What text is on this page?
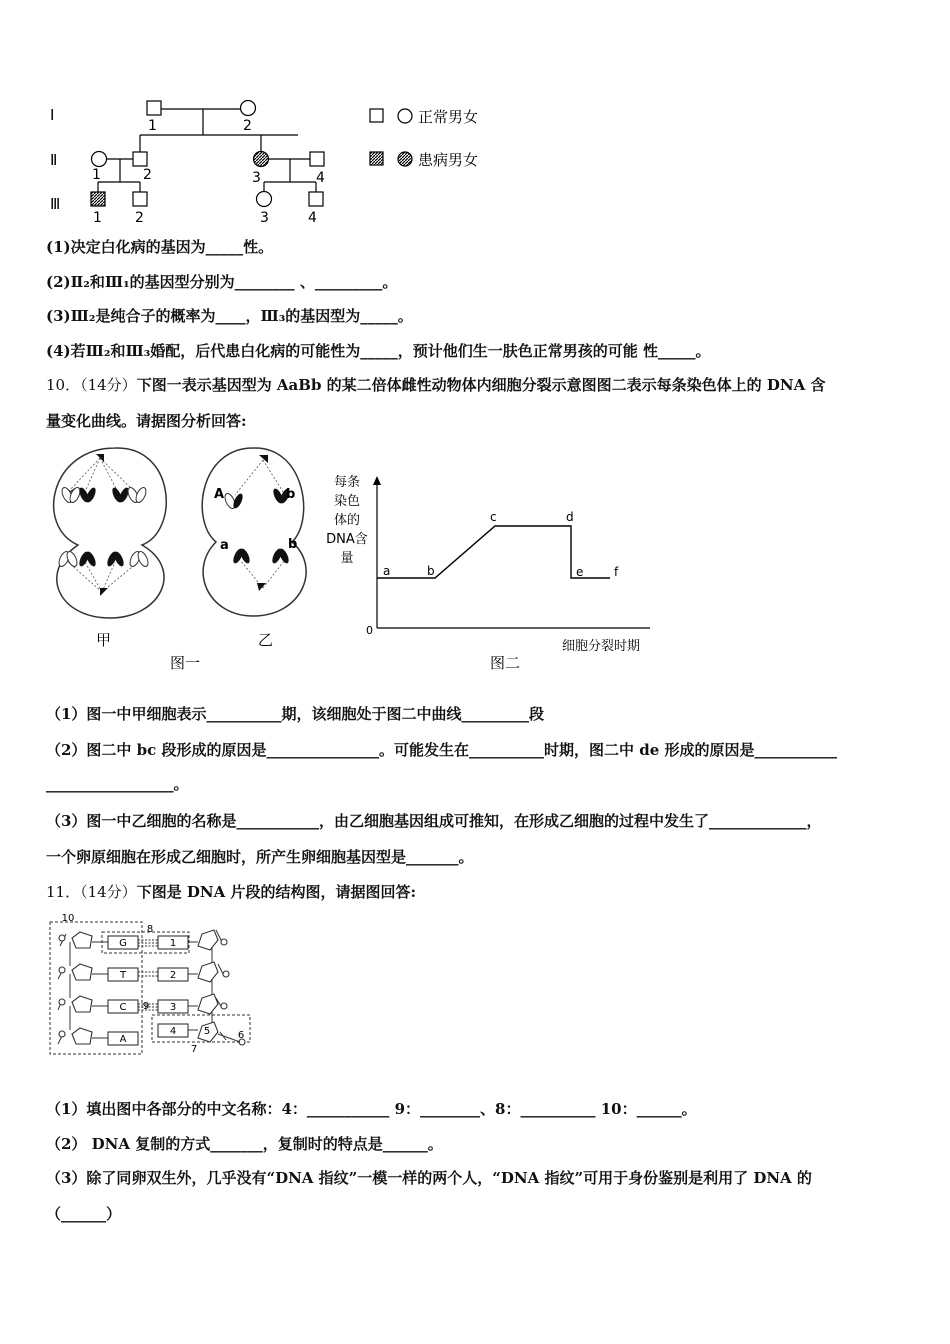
Ⅰ
Ⅱ
Ⅲ
1	2
1	2	3	4
1 2	3	4
正常男女
患病男女
(1)决定白化病的基因为_____性。
(2)Ⅱ₂和Ⅲ₁的基因型分别为________ 、_________。
(3)Ⅲ₂是纯合子的概率为____，Ⅲ₃的基因型为_____。
(4)若Ⅲ₂和Ⅲ₃婚配，后代患白化病的可能性为_____，预计他们生一肤色正常男孩的可能 性_____。
10．（14分）下图一表示基因型为 AaBb 的某二倍体雌性动物体内细胞分裂示意图图二表示每条染色体上的 DNA 含
量变化曲线。请据图分析回答:
甲
A	b
a	b
乙
图一
每条
染色
体的
DNA含
量
0
a	b
c	d
e	f
细胞分裂时期
图二
（1）图一中甲细胞表示__________期，该细胞处于图二中曲线_________段
（2）图二中 bc 段形成的原因是_______________。可能发生在__________时期，图二中 de 形成的原因是___________
_________________。
（3）图一中乙细胞的名称是___________，由乙细胞基因组成可推知，在形成乙细胞的过程中发生了_____________，
一个卵原细胞在形成乙细胞时，所产生卵细胞基因型是_______。
11．（14分）下图是 DNA 片段的结构图，请据图回答:
G
T
C
A
1
2
3
4
10
8
9
7
6
5
（1）填出图中各部分的中文名称：4：___________ 9：________、8：__________ 10：______。
（2） DNA 复制的方式_______，复制时的特点是______。
（3）除了同卵双生外，几乎没有“DNA 指纹”一模一样的两个人，“DNA 指纹”可用于身份鉴别是利用了 DNA 的
（______）
